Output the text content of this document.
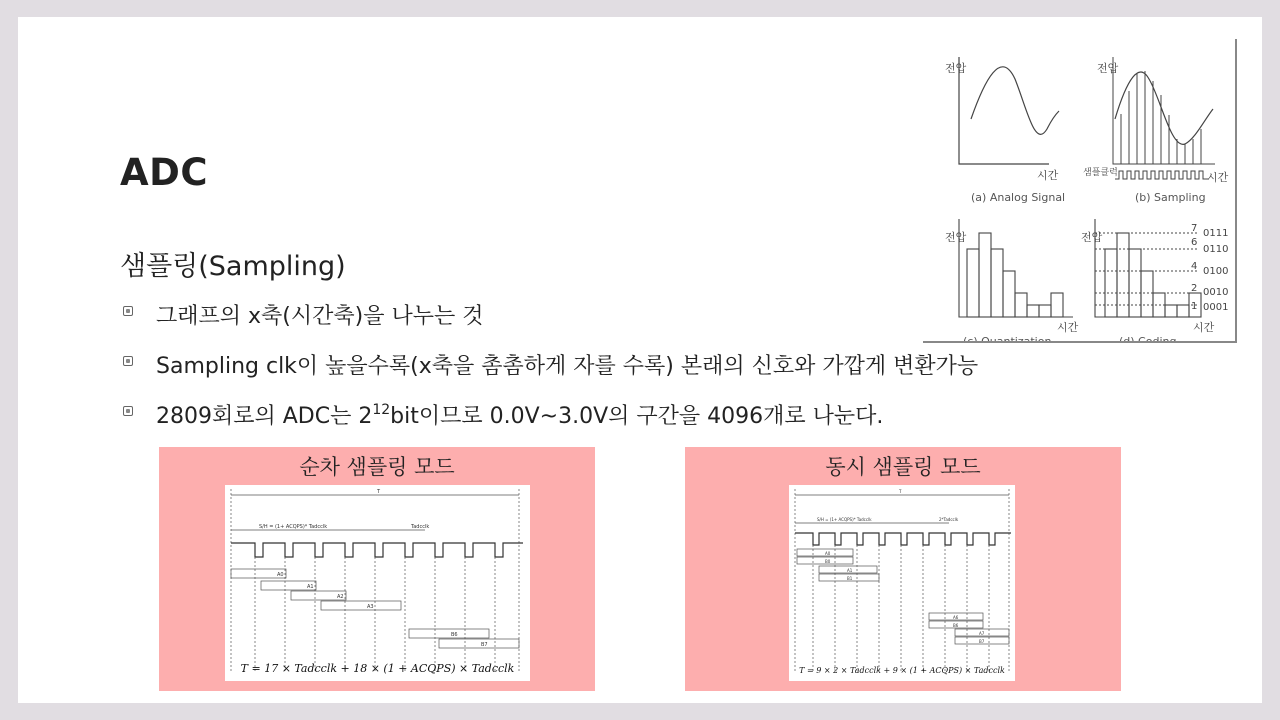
ADC
샘플링(Sampling)
그래프의 x축(시간축)을 나누는 것
Sampling clk이 높을수록(x축을 촘촘하게 자를 수록) 본래의 신호와 가깝게 변환가능
2809회로의 ADC는 $2^{12}bit$이므로 0.0V~3.0V의 구간을 4096개로 나눈다.
전압
시간
(a) Analog Signal
전압
샘플클럭	시간
(b) Sampling
전압
시간
(c) Quantization
전압
7
6
4
2
1
0111
0110
0100
0010
0001
시간
(d) Coding
순차 샘플링 모드
T
S/H = (1+ ACQPS)* Tadcclk	Tadcclk
A0
A1
A2
A3
B6
B7
T = 17 × Tadcclk + 18 × (1 + ACQPS) × Tadcclk
동시 샘플링 모드
T
S/H = (1+ ACQPS)* Tadcclk	2*Tadcclk
A0
B0
A1
B1
A6
B6
A7
B7
T = 9 × 2 × Tadcclk + 9 × (1 + ACQPS) × Tadcclk
